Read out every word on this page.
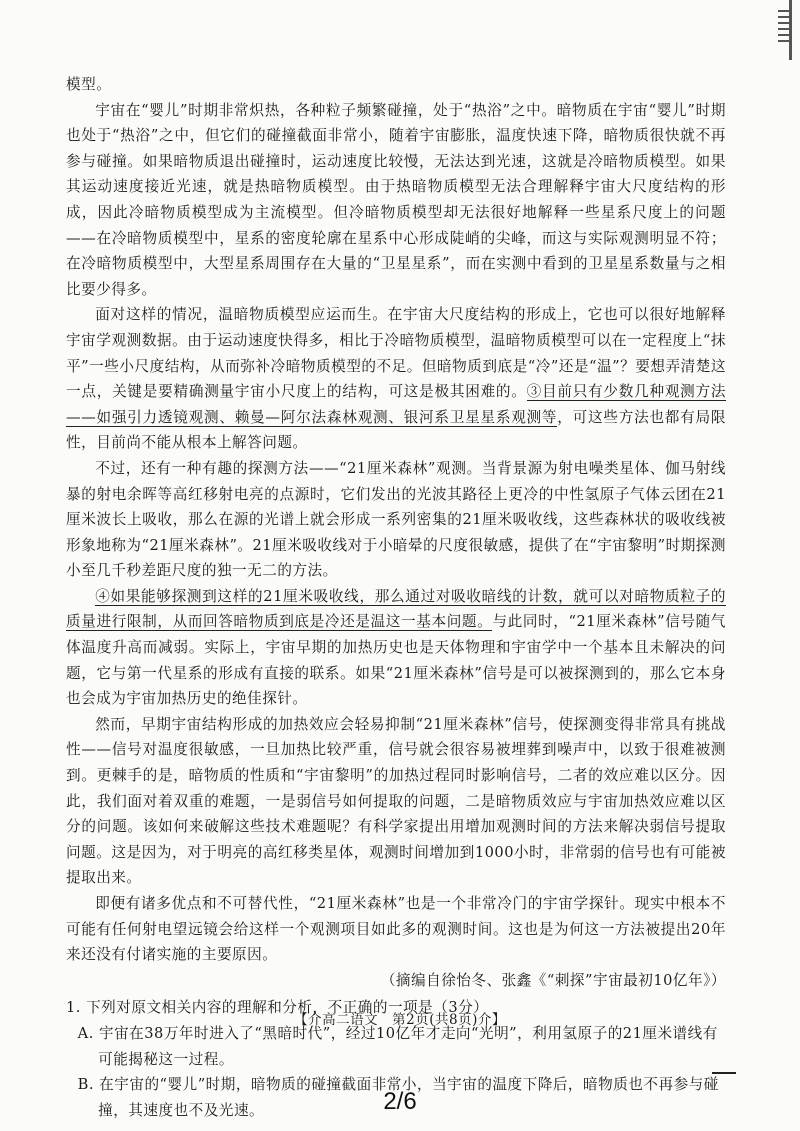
模型。

宇宙在“婴儿”时期非常炽热，各种粒子频繁碰撞，处于“热浴”之中。暗物质在宇宙“婴儿”时期也处于“热浴”之中，但它们的碰撞截面非常小，随着宇宙膨胀，温度快速下降，暗物质很快就不再参与碰撞。如果暗物质退出碰撞时，运动速度比较慢，无法达到光速，这就是冷暗物质模型。如果其运动速度接近光速，就是热暗物质模型。由于热暗物质模型无法合理解释宇宙大尺度结构的形成，因此冷暗物质模型成为主流模型。但冷暗物质模型却无法很好地解释一些星系尺度上的问题——在冷暗物质模型中，星系的密度轮廓在星系中心形成陡峭的尖峰，而这与实际观测明显不符；在冷暗物质模型中，大型星系周围存在大量的“卫星星系”，而在实测中看到的卫星星系数量与之相比要少得多。

面对这样的情况，温暗物质模型应运而生。在宇宙大尺度结构的形成上，它也可以很好地解释宇宙学观测数据。由于运动速度快得多，相比于冷暗物质模型，温暗物质模型可以在一定程度上“抹平”一些小尺度结构，从而弥补冷暗物质模型的不足。但暗物质到底是“冷”还是“温”？要想弄清楚这一点，关键是要精确测量宇宙小尺度上的结构，可这是极其困难的。③目前只有少数几种观测方法——如强引力透镜观测、赖曼—阿尔法森林观测、银河系卫星星系观测等，可这些方法也都有局限性，目前尚不能从根本上解答问题。

不过，还有一种有趣的探测方法——“21厘米森林”观测。当背景源为射电噪类星体、伽马射线暴的射电余晖等高红移射电亮的点源时，它们发出的光波其路径上更冷的中性氢原子气体云团在21厘米波长上吸收，那么在源的光谱上就会形成一系列密集的21厘米吸收线，这些森林状的吸收线被形象地称为“21厘米森林”。21厘米吸收线对于小暗晕的尺度很敏感，提供了在“宇宙黎明”时期探测小至几千秒差距尺度的独一无二的方法。

④如果能够探测到这样的21厘米吸收线，那么通过对吸收暗线的计数，就可以对暗物质粒子的质量进行限制，从而回答暗物质到底是冷还是温这一基本问题。与此同时，“21厘米森林”信号随气体温度升高而减弱。实际上，宇宙早期的加热历史也是天体物理和宇宙学中一个基本且未解决的问题，它与第一代星系的形成有直接的联系。如果“21厘米森林”信号是可以被探测到的，那么它本身也会成为宇宙加热历史的绝佳探针。

然而，早期宇宙结构形成的加热效应会轻易抑制“21厘米森林”信号，使探测变得非常具有挑战性——信号对温度很敏感，一旦加热比较严重，信号就会很容易被埋葬到噪声中，以致于很难被测到。更棘手的是，暗物质的性质和“宇宙黎明”的加热过程同时影响信号，二者的效应难以区分。因此，我们面对着双重的难题，一是弱信号如何提取的问题，二是暗物质效应与宇宙加热效应难以区分的问题。该如何来破解这些技术难题呢？有科学家提出用增加观测时间的方法来解决弱信号提取问题。这是因为，对于明亮的高红移类星体，观测时间增加到1000小时，非常弱的信号也有可能被提取出来。

即便有诸多优点和不可替代性，“21厘米森林”也是一个非常冷门的宇宙学探针。现实中根本不可能有任何射电望远镜会给这样一个观测项目如此多的观测时间。这也是为何这一方法被提出20年来还没有付诸实施的主要原因。

（摘编自徐怡冬、张鑫《“刺探”宇宙最初10亿年》）

1. 下列对原文相关内容的理解和分析，不正确的一项是（3分）

A. 宇宙在38万年时进入了“黑暗时代”，经过10亿年才走向“光明”，利用氢原子的21厘米谱线有可能揭秘这一过程。

B. 在宇宙的“婴儿”时期，暗物质的碰撞截面非常小，当宇宙的温度下降后，暗物质也不再参与碰撞，其速度也不及光速。

【介高二语文　第2页(共8页)介】
2/6
